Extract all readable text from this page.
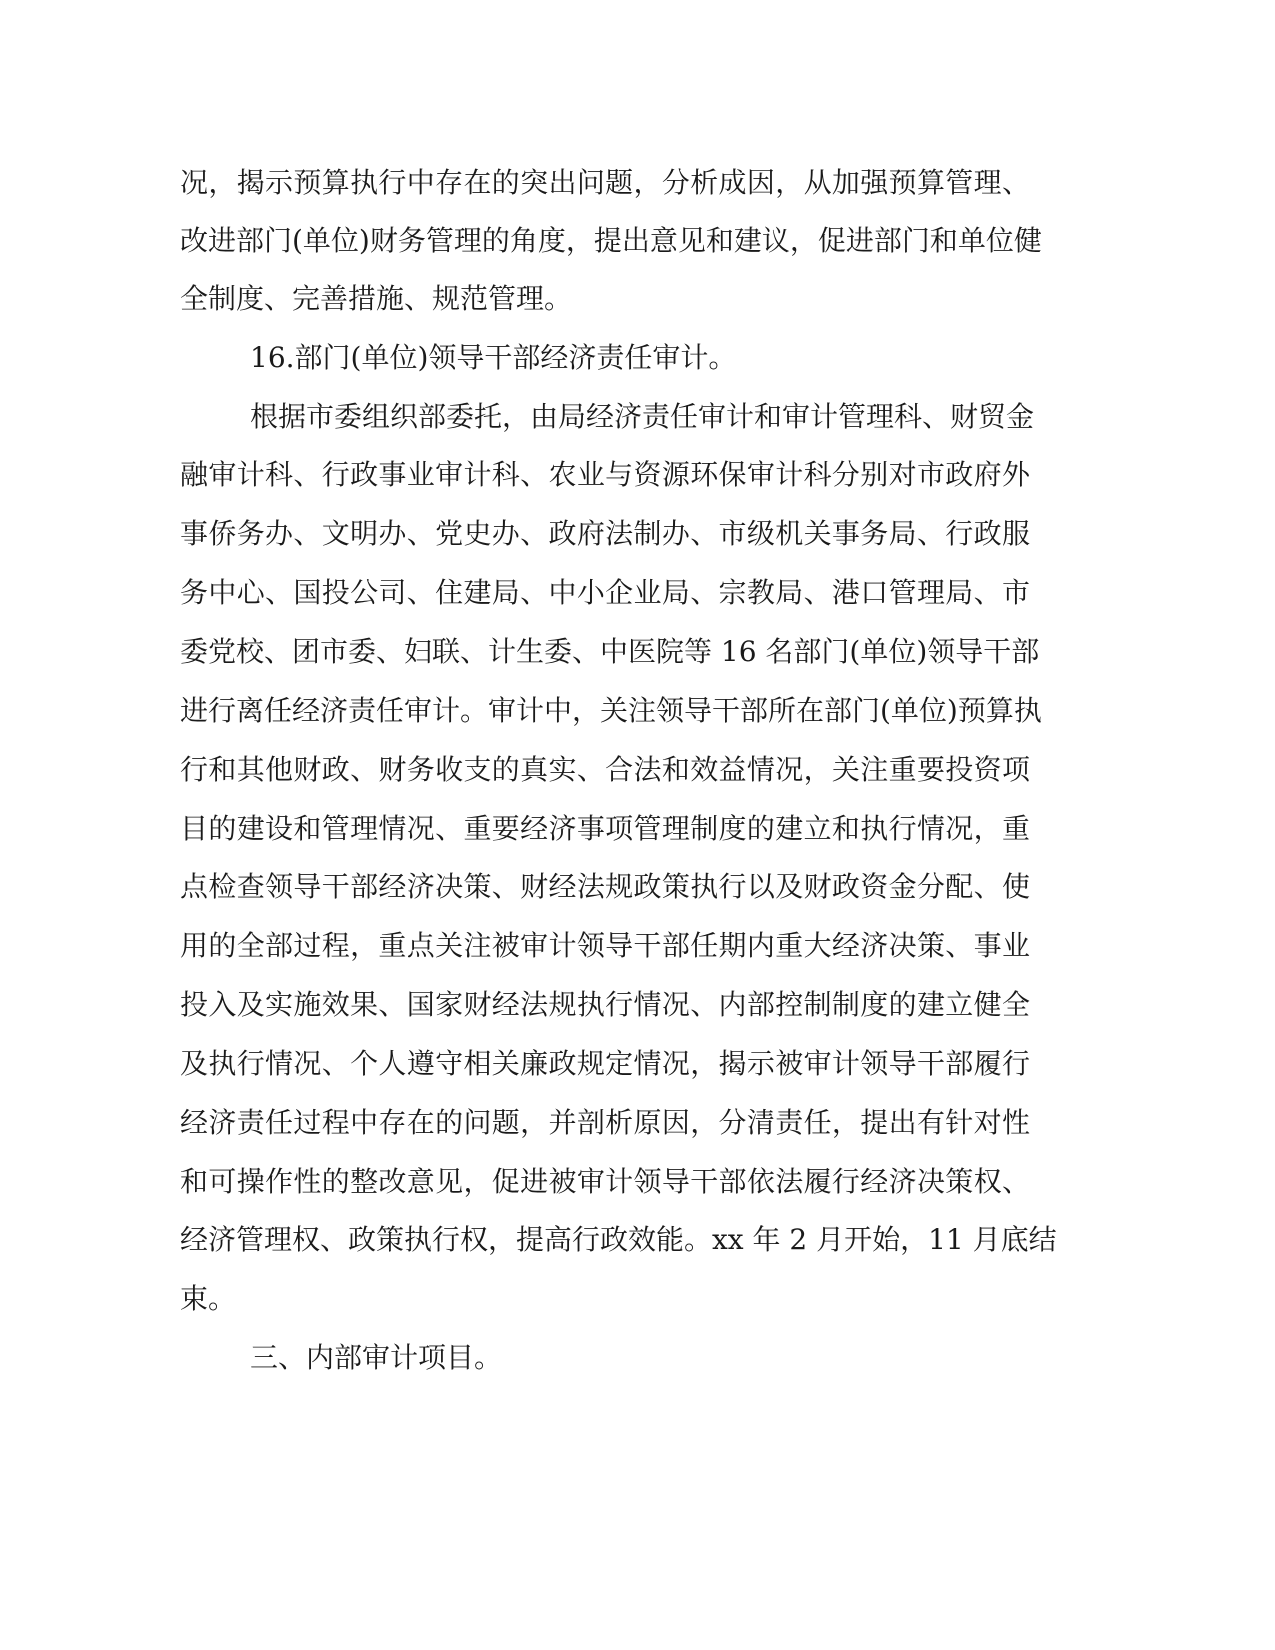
况，揭示预算执行中存在的突出问题，分析成因，从加强预算管理、
改进部门(单位)财务管理的角度，提出意见和建议，促进部门和单位健
全制度、完善措施、规范管理。
16.部门(单位)领导干部经济责任审计。
根据市委组织部委托，由局经济责任审计和审计管理科、财贸金
融审计科、行政事业审计科、农业与资源环保审计科分别对市政府外
事侨务办、文明办、党史办、政府法制办、市级机关事务局、行政服
务中心、国投公司、住建局、中小企业局、宗教局、港口管理局、市
委党校、团市委、妇联、计生委、中医院等 16 名部门(单位)领导干部
进行离任经济责任审计。审计中，关注领导干部所在部门(单位)预算执
行和其他财政、财务收支的真实、合法和效益情况，关注重要投资项
目的建设和管理情况、重要经济事项管理制度的建立和执行情况，重
点检查领导干部经济决策、财经法规政策执行以及财政资金分配、使
用的全部过程，重点关注被审计领导干部任期内重大经济决策、事业
投入及实施效果、国家财经法规执行情况、内部控制制度的建立健全
及执行情况、个人遵守相关廉政规定情况，揭示被审计领导干部履行
经济责任过程中存在的问题，并剖析原因，分清责任，提出有针对性
和可操作性的整改意见，促进被审计领导干部依法履行经济决策权、
经济管理权、政策执行权，提高行政效能。xx 年 2 月开始，11 月底结
束。
三、内部审计项目。
